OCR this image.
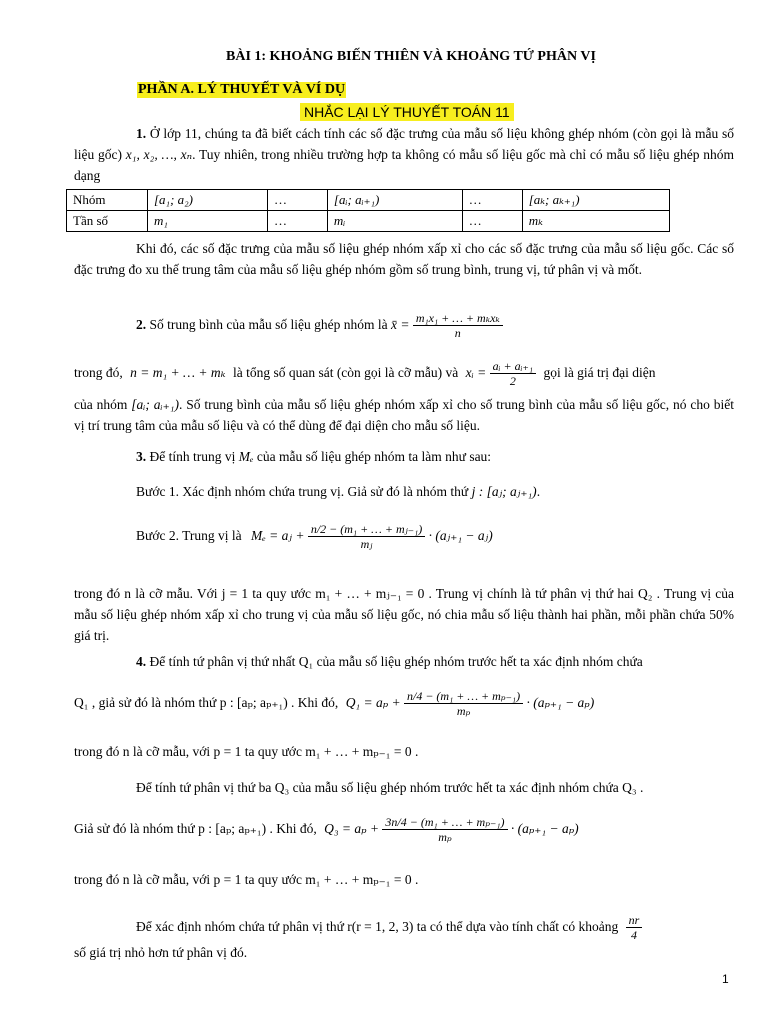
BÀI 1: KHOẢNG BIẾN THIÊN VÀ KHOẢNG TỨ PHÂN VỊ
PHẦN A. LÝ THUYẾT VÀ VÍ DỤ
NHẮC LẠI LÝ THUYẾT TOÁN 11
1. Ở lớp 11, chúng ta đã biết cách tính các số đặc trưng của mẫu số liệu không ghép nhóm (còn gọi là mẫu số liệu gốc) x₁, x₂, …, xₙ. Tuy nhiên, trong nhiều trường hợp ta không có mẫu số liệu gốc mà chỉ có mẫu số liệu ghép nhóm dạng
Nhóm	[a₁; a₂)	…	[aᵢ; aᵢ₊₁)	…	[aₖ; aₖ₊₁)
Tần số	m₁	…	mᵢ	…	mₖ
Khi đó, các số đặc trưng của mẫu số liệu ghép nhóm xấp xỉ cho các số đặc trưng của mẫu số liệu gốc. Các số đặc trưng đo xu thế trung tâm của mẫu số liệu ghép nhóm gồm số trung bình, trung vị, tứ phân vị và mốt.
2. Số trung bình của mẫu số liệu ghép nhóm là x̄ = $\frac{\text{m₁x₁ + … + mₖxₖ}}{n}$
trong đó, n = m₁ + … + mₖ là tổng số quan sát (còn gọi là cỡ mẫu) và xᵢ = $\frac{\text{aᵢ + aᵢ₊₁}}{2}$ gọi là giá trị đại diện
của nhóm [aᵢ; aᵢ₊₁). Số trung bình của mẫu số liệu ghép nhóm xấp xỉ cho số trung bình của mẫu số liệu gốc, nó cho biết vị trí trung tâm của mẫu số liệu và có thể dùng để đại diện cho mẫu số liệu.
3. Để tính trung vị Mₑ của mẫu số liệu ghép nhóm ta làm như sau:
Bước 1. Xác định nhóm chứa trung vị. Giả sử đó là nhóm thứ j : [aⱼ; aⱼ₊₁).
Bước 2. Trung vị là Mₑ = aⱼ + $\frac{\text{n/2 − (m₁ + … + mⱼ₋₁)}}{\text{mⱼ}}$ · (aⱼ₊₁ − aⱼ)
trong đó n là cỡ mẫu. Với j = 1 ta quy ước m₁ + … + mⱼ₋₁ = 0 . Trung vị chính là tứ phân vị thứ hai Q₂ . Trung vị của mẫu số liệu ghép nhóm xấp xỉ cho trung vị của mẫu số liệu gốc, nó chia mẫu số liệu thành hai phần, mỗi phần chứa 50% giá trị.
4. Để tính tứ phân vị thứ nhất Q₁ của mẫu số liệu ghép nhóm trước hết ta xác định nhóm chứa
Q₁ , giả sử đó là nhóm thứ p : [aₚ; aₚ₊₁) . Khi đó, $Q_1 = a_p + \frac{\text{n/4 − (m₁ + … + mₚ₋₁)}}{\text{mₚ}} \cdot (a_{p+1} - a_p)$
trong đó n là cỡ mẫu, với p = 1 ta quy ước m₁ + … + mₚ₋₁ = 0 .
Để tính tứ phân vị thứ ba Q₃ của mẫu số liệu ghép nhóm trước hết ta xác định nhóm chứa Q₃ .
Giả sử đó là nhóm thứ p : [aₚ; aₚ₊₁) . Khi đó, $Q_3 = a_p + \frac{\text{3n/4 − (m₁ + … + mₚ₋₁)}}{\text{mₚ}} \cdot (a_{p+1} - a_p)$
trong đó n là cỡ mẫu, với p = 1 ta quy ước m₁ + … + mₚ₋₁ = 0 .
Để xác định nhóm chứa tứ phân vị thứ r(r = 1, 2, 3) ta có thể dựa vào tính chất có khoảng $\frac{nr}{4}$
số giá trị nhỏ hơn tứ phân vị đó.
1
